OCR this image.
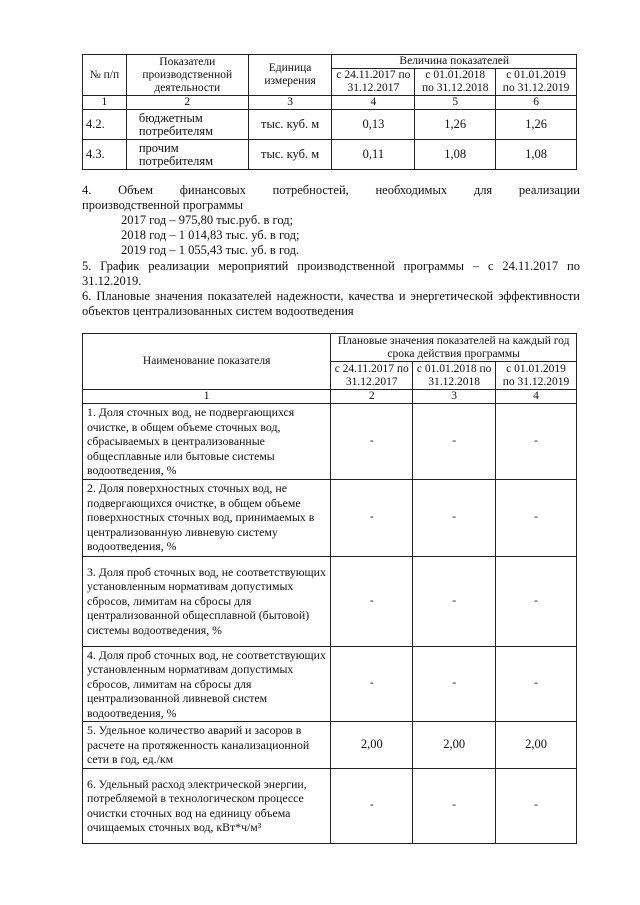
№ п/п	Показатели производственной деятельности	Единица измерения	Величина показателей		
			с 24.11.2017 по 31.12.2017	с 01.01.2018 по 31.12.2018	с 01.01.2019 по 31.12.2019
1	2	3	4	5	6
4.2.	бюджетным потребителям	тыс. куб. м	0,13	1,26	1,26
4.3.	прочим потребителям	тыс. куб. м	0,11	1,08	1,08
4. Объем финансовых потребностей, необходимых для реализации
производственной программы
2017 год – 975,80 тыс.руб. в год;
2018 год – 1 014,83 тыс. уб. в год;
2019 год – 1 055,43 тыс. уб. в год.
5. График реализации мероприятий производственной программы – с 24.11.2017 по 31.12.2019.
6. Плановые значения показателей надежности, качества и энергетической эффективности объектов централизованных систем водоотведения
Наименование показателя	Плановые значения показателей на каждый год срока действия программы		
	с 24.11.2017 по 31.12.2017	с 01.01.2018 по 31.12.2018	с 01.01.2019 по 31.12.2019
1	2	3	4
1. Доля сточных вод, не подвергающихся очистке, в общем объеме сточных вод, сбрасываемых в централизованные общесплавные или бытовые системы водоотведения, %	-	-	-
2. Доля поверхностных сточных вод, не подвергающихся очистке, в общем объеме поверхностных сточных вод, принимаемых в централизованную ливневую систему водоотведения, %	-	-	-
3. Доля проб сточных вод, не соответствующих установленным нормативам допустимых сбросов, лимитам на сбросы для централизованной общесплавной (бытовой) системы водоотведения, %	-	-	-
4. Доля проб сточных вод, не соответствующих установленным нормативам допустимых сбросов, лимитам на сбросы для централизованной ливневой систем водоотведения, %	-	-	-
5. Удельное количество аварий и засоров в расчете на протяженность канализационной сети в год, ед./км	2,00	2,00	2,00
6. Удельный расход электрической энергии, потребляемой в технологическом процессе очистки сточных вод на единицу объема очищаемых сточных вод, кВт*ч/м³	-	-	-
